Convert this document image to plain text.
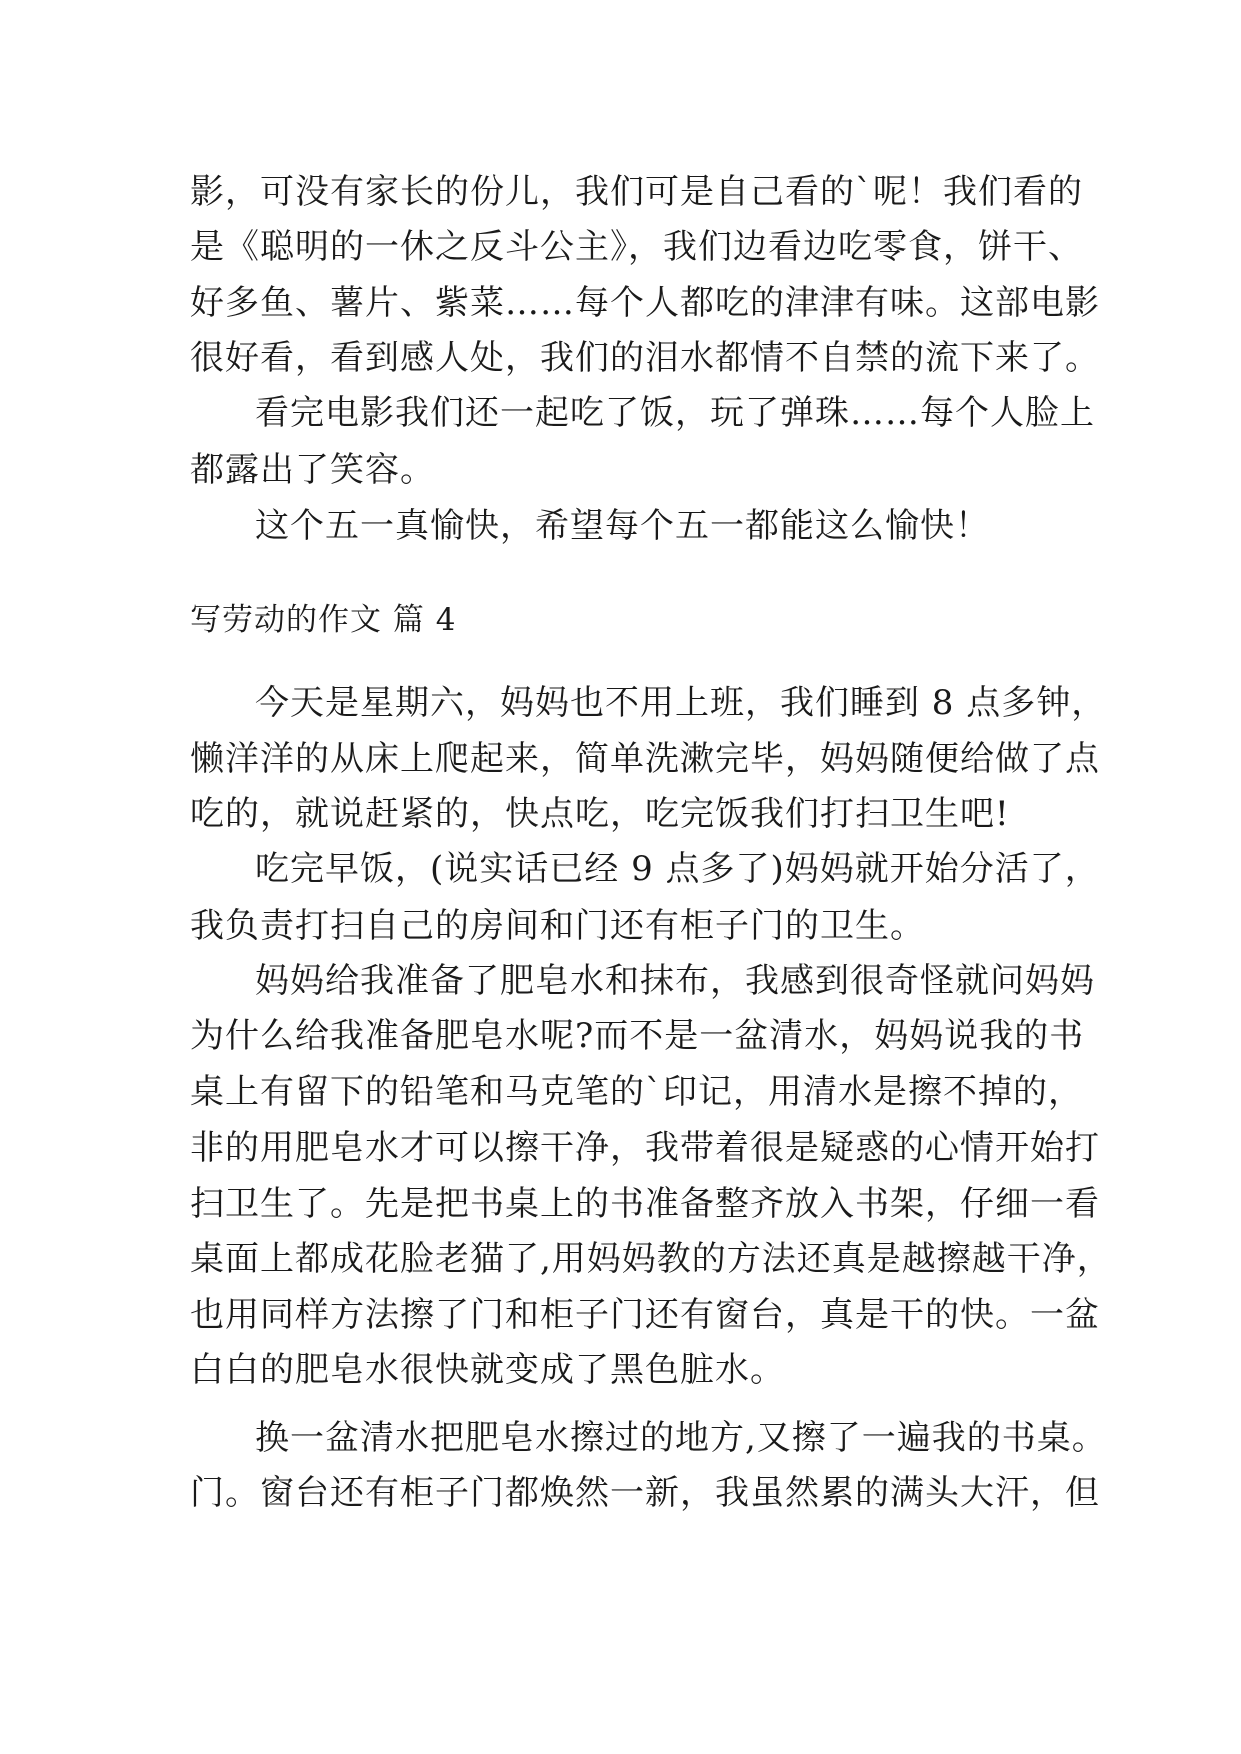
影，可没有家长的份儿，我们可是自己看的`呢！我们看的
是《聪明的一休之反斗公主》，我们边看边吃零食，饼干、
好多鱼、薯片、紫菜……每个人都吃的津津有味。这部电影
很好看，看到感人处，我们的泪水都情不自禁的流下来了。
看完电影我们还一起吃了饭，玩了弹珠……每个人脸上
都露出了笑容。
这个五一真愉快，希望每个五一都能这么愉快！
写劳动的作文 篇 4
今天是星期六，妈妈也不用上班，我们睡到 8 点多钟，
懒洋洋的从床上爬起来，简单洗漱完毕，妈妈随便给做了点
吃的，就说赶紧的，快点吃，吃完饭我们打扫卫生吧!
吃完早饭，(说实话已经 9 点多了)妈妈就开始分活了，
我负责打扫自己的房间和门还有柜子门的卫生。
妈妈给我准备了肥皂水和抹布，我感到很奇怪就问妈妈
为什么给我准备肥皂水呢?而不是一盆清水，妈妈说我的书
桌上有留下的铅笔和马克笔的`印记，用清水是擦不掉的，
非的用肥皂水才可以擦干净，我带着很是疑惑的心情开始打
扫卫生了。先是把书桌上的书准备整齐放入书架，仔细一看
桌面上都成花脸老猫了,用妈妈教的方法还真是越擦越干净，
也用同样方法擦了门和柜子门还有窗台，真是干的快。一盆
白白的肥皂水很快就变成了黑色脏水。
换一盆清水把肥皂水擦过的地方,又擦了一遍我的书桌。
门。窗台还有柜子门都焕然一新，我虽然累的满头大汗，但
